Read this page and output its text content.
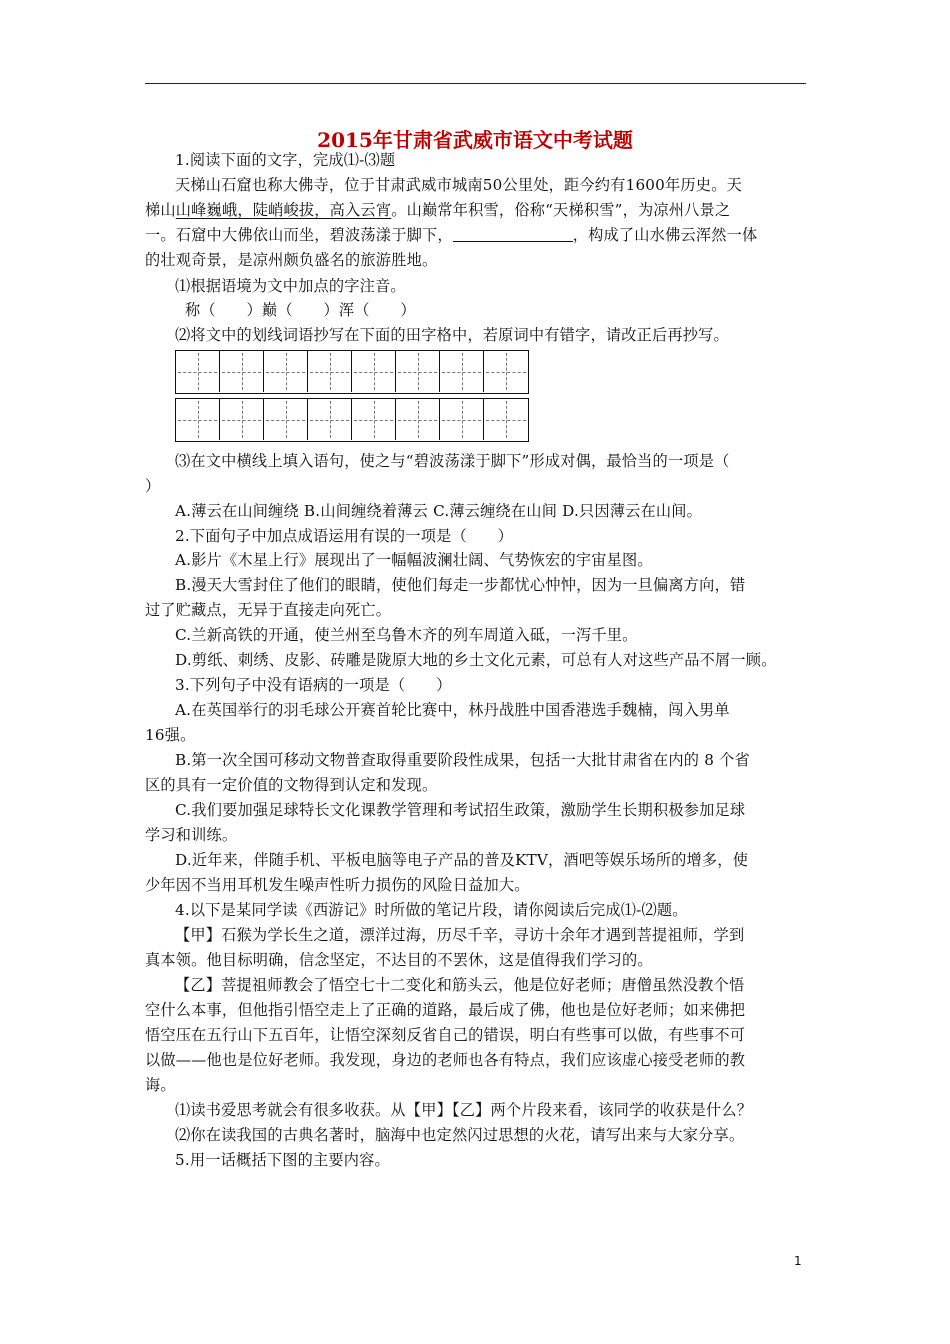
2015年甘肃省武威市语文中考试题
1.阅读下面的文字，完成⑴-⑶题
天梯山石窟也称大佛寺，位于甘肃武威市城南50公里处，距今约有1600年历史。天
梯山山峰巍峨，陡峭峻拔，高入云宵。山巅常年积雪，俗称“天梯积雪”，为凉州八景之
一。石窟中大佛依山而坐，碧波荡漾于脚下，	，构成了山水佛云浑然一体
的壮观奇景，是凉州颇负盛名的旅游胜地。
⑴根据语境为文中加点的字注音。
称（　　）巅（　　）浑（　　）
⑵将文中的划线词语抄写在下面的田字格中，若原词中有错字，请改正后再抄写。
⑶在文中横线上填入语句，使之与“碧波荡漾于脚下”形成对偶，最恰当的一项是（
）
A.薄云在山间缠绕 B.山间缠绕着薄云 C.薄云缠绕在山间 D.只因薄云在山间。
2.下面句子中加点成语运用有误的一项是（　　）
A.影片《木星上行》展现出了一幅幅波澜壮阔、气势恢宏的宇宙星图。
B.漫天大雪封住了他们的眼睛，使他们每走一步都忧心忡忡，因为一旦偏离方向，错
过了贮藏点，无异于直接走向死亡。
C.兰新高铁的开通，使兰州至乌鲁木齐的列车周道入砥，一泻千里。
D.剪纸、刺绣、皮影、砖雕是陇原大地的乡土文化元素，可总有人对这些产品不屑一顾。
3.下列句子中没有语病的一项是（　　）
A.在英国举行的羽毛球公开赛首轮比赛中，林丹战胜中国香港选手魏楠，闯入男单
16强。
B.第一次全国可移动文物普查取得重要阶段性成果，包括一大批甘肃省在内的 8 个省
区的具有一定价值的文物得到认定和发现。
C.我们要加强足球特长文化课教学管理和考试招生政策，激励学生长期积极参加足球
学习和训练。
D.近年来，伴随手机、平板电脑等电子产品的普及KTV，酒吧等娱乐场所的增多，使
少年因不当用耳机发生噪声性听力损伤的风险日益加大。
4.以下是某同学读《西游记》时所做的笔记片段，请你阅读后完成⑴-⑵题。
【甲】石猴为学长生之道，漂洋过海，历尽千辛，寻访十余年才遇到菩提祖师，学到
真本领。他目标明确，信念坚定，不达目的不罢休，这是值得我们学习的。
【乙】菩提祖师教会了悟空七十二变化和筋头云，他是位好老师；唐僧虽然没教个悟
空什么本事，但他指引悟空走上了正确的道路，最后成了佛，他也是位好老师；如来佛把
悟空压在五行山下五百年，让悟空深刻反省自己的错误，明白有些事可以做，有些事不可
以做——他也是位好老师。我发现，身边的老师也各有特点，我们应该虚心接受老师的教
诲。
⑴读书爱思考就会有很多收获。从【甲】【乙】两个片段来看，该同学的收获是什么？
⑵你在读我国的古典名著时，脑海中也定然闪过思想的火花，请写出来与大家分享。
5.用一话概括下图的主要内容。
1
